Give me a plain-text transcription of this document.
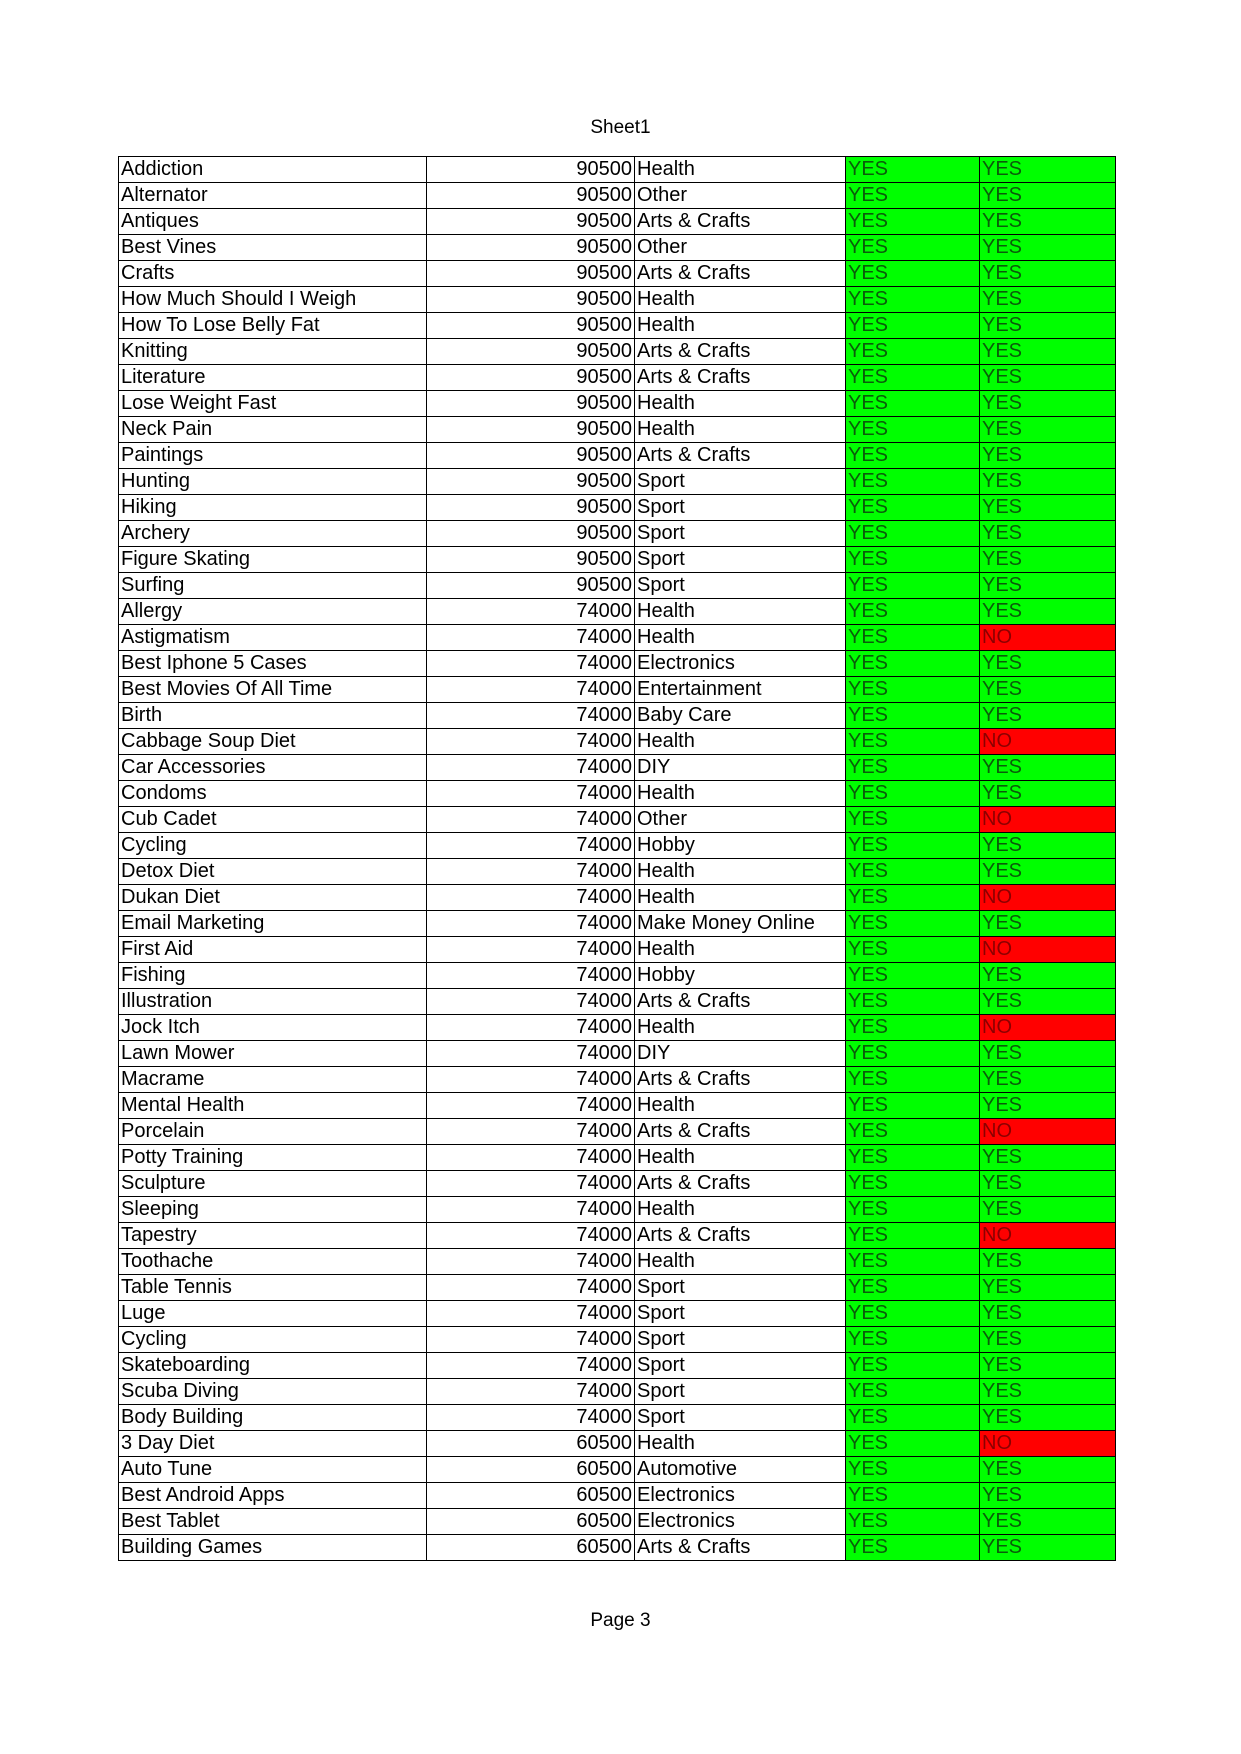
Sheet1
Addiction	90500	Health	YES	YES
Alternator	90500	Other	YES	YES
Antiques	90500	Arts & Crafts	YES	YES
Best Vines	90500	Other	YES	YES
Crafts	90500	Arts & Crafts	YES	YES
How Much Should I Weigh	90500	Health	YES	YES
How To Lose Belly Fat	90500	Health	YES	YES
Knitting	90500	Arts & Crafts	YES	YES
Literature	90500	Arts & Crafts	YES	YES
Lose Weight Fast	90500	Health	YES	YES
Neck Pain	90500	Health	YES	YES
Paintings	90500	Arts & Crafts	YES	YES
Hunting	90500	Sport	YES	YES
Hiking	90500	Sport	YES	YES
Archery	90500	Sport	YES	YES
Figure Skating	90500	Sport	YES	YES
Surfing	90500	Sport	YES	YES
Allergy	74000	Health	YES	YES
Astigmatism	74000	Health	YES	NO
Best Iphone 5 Cases	74000	Electronics	YES	YES
Best Movies Of All Time	74000	Entertainment	YES	YES
Birth	74000	Baby Care	YES	YES
Cabbage Soup Diet	74000	Health	YES	NO
Car Accessories	74000	DIY	YES	YES
Condoms	74000	Health	YES	YES
Cub Cadet	74000	Other	YES	NO
Cycling	74000	Hobby	YES	YES
Detox Diet	74000	Health	YES	YES
Dukan Diet	74000	Health	YES	NO
Email Marketing	74000	Make Money Online	YES	YES
First Aid	74000	Health	YES	NO
Fishing	74000	Hobby	YES	YES
Illustration	74000	Arts & Crafts	YES	YES
Jock Itch	74000	Health	YES	NO
Lawn Mower	74000	DIY	YES	YES
Macrame	74000	Arts & Crafts	YES	YES
Mental Health	74000	Health	YES	YES
Porcelain	74000	Arts & Crafts	YES	NO
Potty Training	74000	Health	YES	YES
Sculpture	74000	Arts & Crafts	YES	YES
Sleeping	74000	Health	YES	YES
Tapestry	74000	Arts & Crafts	YES	NO
Toothache	74000	Health	YES	YES
Table Tennis	74000	Sport	YES	YES
Luge	74000	Sport	YES	YES
Cycling	74000	Sport	YES	YES
Skateboarding	74000	Sport	YES	YES
Scuba Diving	74000	Sport	YES	YES
Body Building	74000	Sport	YES	YES
3 Day Diet	60500	Health	YES	NO
Auto Tune	60500	Automotive	YES	YES
Best Android Apps	60500	Electronics	YES	YES
Best Tablet	60500	Electronics	YES	YES
Building Games	60500	Arts & Crafts	YES	YES
Page 3
